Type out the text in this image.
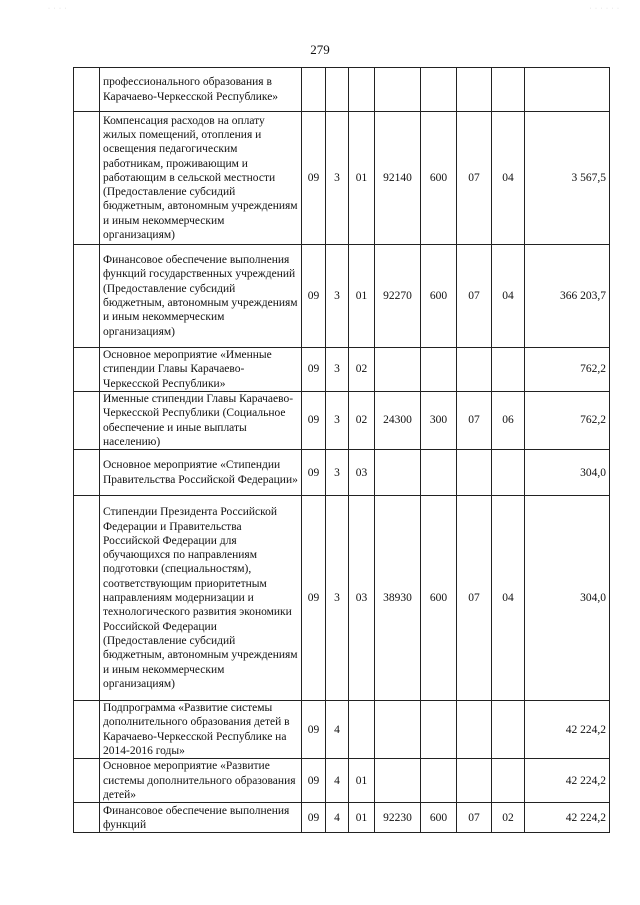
· · · ·	· · · · · ·
279
	профессионального образования в Карачаево-Черкесской Республике»								
	Компенсация расходов на оплату жилых помещений, отопления и освещения педагогическим работникам, проживающим и работающим в сельской местности (Предоставление субсидий бюджетным, автономным учреждениям и иным некоммерческим организациям)	09	3	01	92140	600	07	04	3 567,5
	Финансовое обеспечение выполнения функций государственных учреждений (Предоставление субсидий бюджетным, автономным учреждениям и иным некоммерческим организациям)	09	3	01	92270	600	07	04	366 203,7
	Основное мероприятие «Именные стипендии Главы Карачаево-Черкесской Республики»	09	3	02					762,2
	Именные стипендии Главы Карачаево-Черкесской Республики (Социальное обеспечение и иные выплаты населению)	09	3	02	24300	300	07	06	762,2
	Основное мероприятие «Стипендии Правительства Российской Федерации»	09	3	03					304,0
	Стипендии Президента Российской Федерации и Правительства Российской Федерации для обучающихся по направлениям подготовки (специальностям), соответствующим приоритетным направлениям модернизации и технологического развития экономики Российской Федерации (Предоставление субсидий бюджетным, автономным учреждениям и иным некоммерческим организациям)	09	3	03	38930	600	07	04	304,0
	Подпрограмма «Развитие системы дополнительного образования детей в Карачаево-Черкесской Республике на 2014-2016 годы»	09	4						42 224,2
	Основное мероприятие «Развитие системы дополнительного образования детей»	09	4	01					42 224,2
	Финансовое обеспечение выполнения функций	09	4	01	92230	600	07	02	42 224,2
